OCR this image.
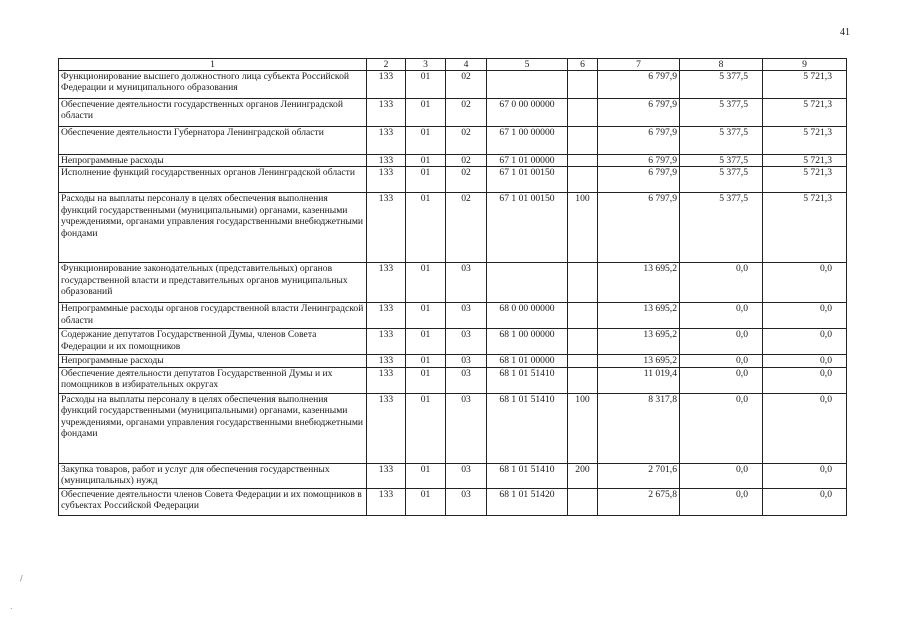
41
1	2	3	4	5	6	7	8	9
Функционирование высшего должностного лица субъекта Российской Федерации и муниципального образования	133	01	02			6 797,9	5 377,5	5 721,3
Обеспечение деятельности государственных органов Ленинградской области	133	01	02	67 0 00 00000		6 797,9	5 377,5	5 721,3
Обеспечение деятельности Губернатора Ленинградской области	133	01	02	67 1 00 00000		6 797,9	5 377,5	5 721,3
Непрограммные расходы	133	01	02	67 1 01 00000		6 797,9	5 377,5	5 721,3
Исполнение функций государственных органов Ленинградской области	133	01	02	67 1 01 00150		6 797,9	5 377,5	5 721,3
Расходы на выплаты персоналу в целях обеспечения выполнения функций государственными (муниципальными) органами, казенными учреждениями, органами управления государственными внебюджетными фондами	133	01	02	67 1 01 00150	100	6 797,9	5 377,5	5 721,3
Функционирование законодательных (представительных) органов государственной власти и представительных органов муниципальных образований	133	01	03			13 695,2	0,0	0,0
Непрограммные расходы органов государственной власти Ленинградской области	133	01	03	68 0 00 00000		13 695,2	0,0	0,0
Содержание депутатов Государственной Думы, членов Совета Федерации и их помощников	133	01	03	68 1 00 00000		13 695,2	0,0	0,0
Непрограммные расходы	133	01	03	68 1 01 00000		13 695,2	0,0	0,0
Обеспечение деятельности депутатов Государственной Думы и их помощников в избирательных округах	133	01	03	68 1 01 51410		11 019,4	0,0	0,0
Расходы на выплаты персоналу в целях обеспечения выполнения функций государственными (муниципальными) органами, казенными учреждениями, органами управления государственными внебюджетными фондами	133	01	03	68 1 01 51410	100	8 317,8	0,0	0,0
Закупка товаров, работ и услуг для обеспечения государственных (муниципальных) нужд	133	01	03	68 1 01 51410	200	2 701,6	0,0	0,0
Обеспечение деятельности членов Совета Федерации и их помощников в субъектах Российской Федерации	133	01	03	68 1 01 51420		2 675,8	0,0	0,0
/
.
